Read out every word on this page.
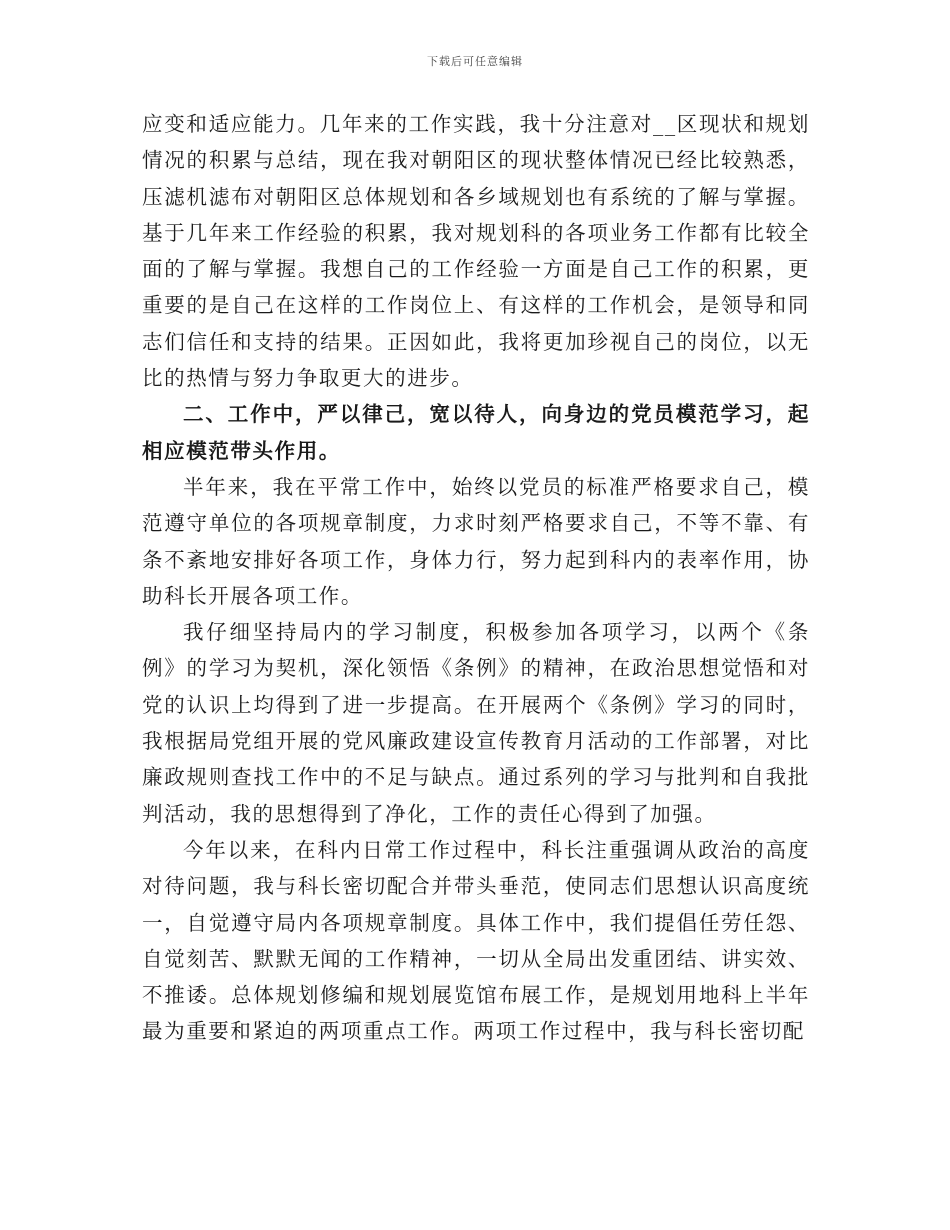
下载后可任意编辑

应变和适应能力。几年来的工作实践，我十分注意对__区现状和规划情况的积累与总结，现在我对朝阳区的现状整体情况已经比较熟悉，压滤机滤布对朝阳区总体规划和各乡域规划也有系统的了解与掌握。基于几年来工作经验的积累，我对规划科的各项业务工作都有比较全面的了解与掌握。我想自己的工作经验一方面是自己工作的积累，更重要的是自己在这样的工作岗位上、有这样的工作机会，是领导和同志们信任和支持的结果。正因如此，我将更加珍视自己的岗位，以无比的热情与努力争取更大的进步。

二、工作中，严以律己，宽以待人，向身边的党员模范学习，起相应模范带头作用。

半年来，我在平常工作中，始终以党员的标准严格要求自己，模范遵守单位的各项规章制度，力求时刻严格要求自己，不等不靠、有条不紊地安排好各项工作，身体力行，努力起到科内的表率作用，协助科长开展各项工作。

我仔细坚持局内的学习制度，积极参加各项学习，以两个《条例》的学习为契机，深化领悟《条例》的精神，在政治思想觉悟和对党的认识上均得到了进一步提高。在开展两个《条例》学习的同时，我根据局党组开展的党风廉政建设宣传教育月活动的工作部署，对比廉政规则查找工作中的不足与缺点。通过系列的学习与批判和自我批判活动，我的思想得到了净化，工作的责任心得到了加强。

今年以来，在科内日常工作过程中，科长注重强调从政治的高度对待问题，我与科长密切配合并带头垂范，使同志们思想认识高度统一，自觉遵守局内各项规章制度。具体工作中，我们提倡任劳任怨、自觉刻苦、默默无闻的工作精神，一切从全局出发重团结、讲实效、不推诿。总体规划修编和规划展览馆布展工作，是规划用地科上半年最为重要和紧迫的两项重点工作。两项工作过程中，我与科长密切配
